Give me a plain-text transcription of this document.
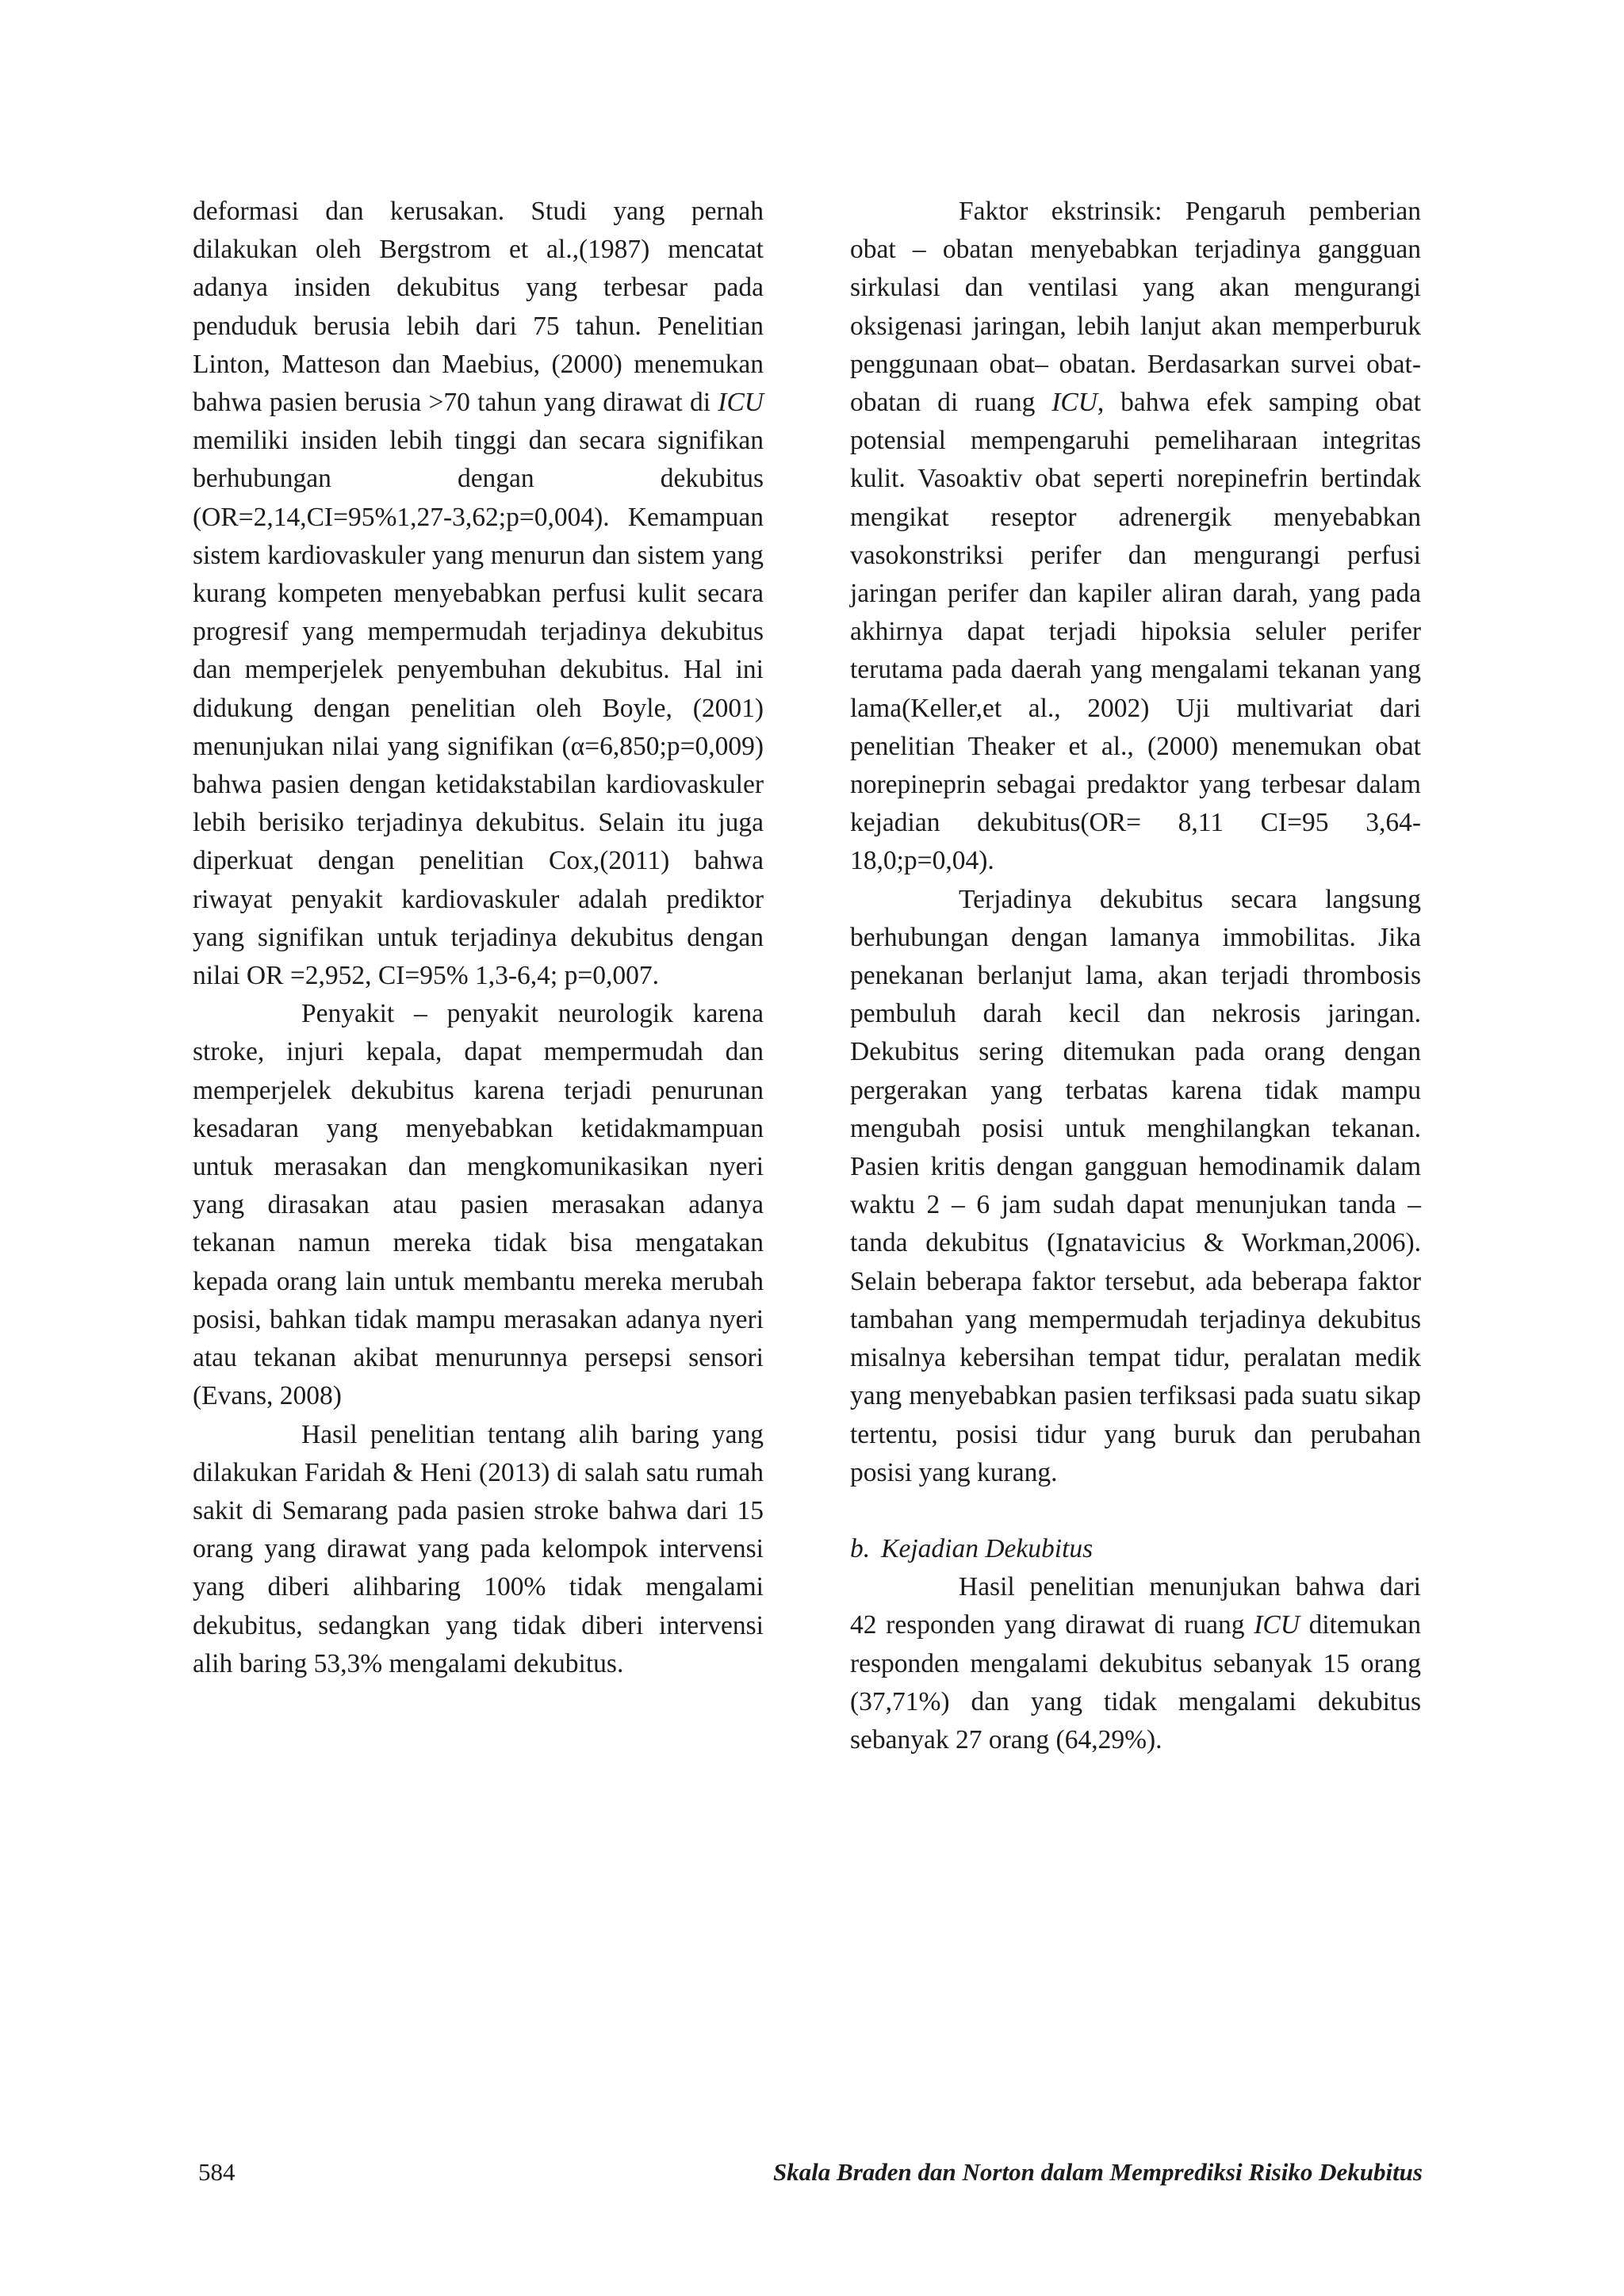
deformasi dan kerusakan. Studi yang pernah dilakukan oleh Bergstrom et al.,(1987) mencatat adanya insiden dekubitus yang terbesar pada penduduk berusia lebih dari 75 tahun. Penelitian Linton, Matteson dan Maebius, (2000) menemukan bahwa pasien berusia >70 tahun yang dirawat di ICU memiliki insiden lebih tinggi dan secara signifikan berhubungan dengan dekubitus (OR=2,14,CI=95%1,27-3,62;p=0,004). Kemampuan sistem kardiovaskuler yang menurun dan sistem yang kurang kompeten menyebabkan perfusi kulit secara progresif yang mempermudah terjadinya dekubitus dan memperjelek penyembuhan dekubitus. Hal ini didukung dengan penelitian oleh Boyle, (2001) menunjukan nilai yang signifikan (α=6,850;p=0,009) bahwa pasien dengan ketidakstabilan kardiovaskuler lebih berisiko terjadinya dekubitus. Selain itu juga diperkuat dengan penelitian Cox,(2011) bahwa riwayat penyakit kardiovaskuler adalah prediktor yang signifikan untuk terjadinya dekubitus dengan nilai OR =2,952, CI=95% 1,3-6,4; p=0,007.

Penyakit – penyakit neurologik karena stroke, injuri kepala, dapat mempermudah dan memperjelek dekubitus karena terjadi penurunan kesadaran yang menyebabkan ketidakmampuan untuk merasakan dan mengkomunikasikan nyeri yang dirasakan atau pasien merasakan adanya tekanan namun mereka tidak bisa mengatakan kepada orang lain untuk membantu mereka merubah posisi, bahkan tidak mampu merasakan adanya nyeri atau tekanan akibat menurunnya persepsi sensori (Evans, 2008)

Hasil penelitian tentang alih baring yang dilakukan Faridah & Heni (2013) di salah satu rumah sakit di Semarang pada pasien stroke bahwa dari 15 orang yang dirawat yang pada kelompok intervensi yang diberi alihbaring 100% tidak mengalami dekubitus, sedangkan yang tidak diberi intervensi alih baring 53,3% mengalami dekubitus.

Faktor ekstrinsik: Pengaruh pemberian obat – obatan menyebabkan terjadinya gangguan sirkulasi dan ventilasi yang akan mengurangi oksigenasi jaringan, lebih lanjut akan memperburuk penggunaan obat– obatan. Berdasarkan survei obat-obatan di ruang ICU, bahwa efek samping obat potensial mempengaruhi pemeliharaan integritas kulit. Vasoaktiv obat seperti norepinefrin bertindak mengikat reseptor adrenergik menyebabkan vasokonstriksi perifer dan mengurangi perfusi jaringan perifer dan kapiler aliran darah, yang pada akhirnya dapat terjadi hipoksia seluler perifer terutama pada daerah yang mengalami tekanan yang lama(Keller,et al., 2002) Uji multivariat dari penelitian Theaker et al., (2000) menemukan obat norepineprin sebagai predaktor yang terbesar dalam kejadian dekubitus(OR= 8,11 CI=95 3,64-18,0;p=0,04).

Terjadinya dekubitus secara langsung berhubungan dengan lamanya immobilitas. Jika penekanan berlanjut lama, akan terjadi thrombosis pembuluh darah kecil dan nekrosis jaringan. Dekubitus sering ditemukan pada orang dengan pergerakan yang terbatas karena tidak mampu mengubah posisi untuk menghilangkan tekanan. Pasien kritis dengan gangguan hemodinamik dalam waktu 2 – 6 jam sudah dapat menunjukan tanda – tanda dekubitus (Ignatavicius & Workman,2006). Selain beberapa faktor tersebut, ada beberapa faktor tambahan yang mempermudah terjadinya dekubitus misalnya kebersihan tempat tidur, peralatan medik yang menyebabkan pasien terfiksasi pada suatu sikap tertentu, posisi tidur yang buruk dan perubahan posisi yang kurang.

b. Kejadian Dekubitus

Hasil penelitian menunjukan bahwa dari 42 responden yang dirawat di ruang ICU ditemukan responden mengalami dekubitus sebanyak 15 orang (37,71%) dan yang tidak mengalami dekubitus sebanyak 27 orang (64,29%).

584	Skala Braden dan Norton dalam Memprediksi Risiko Dekubitus
